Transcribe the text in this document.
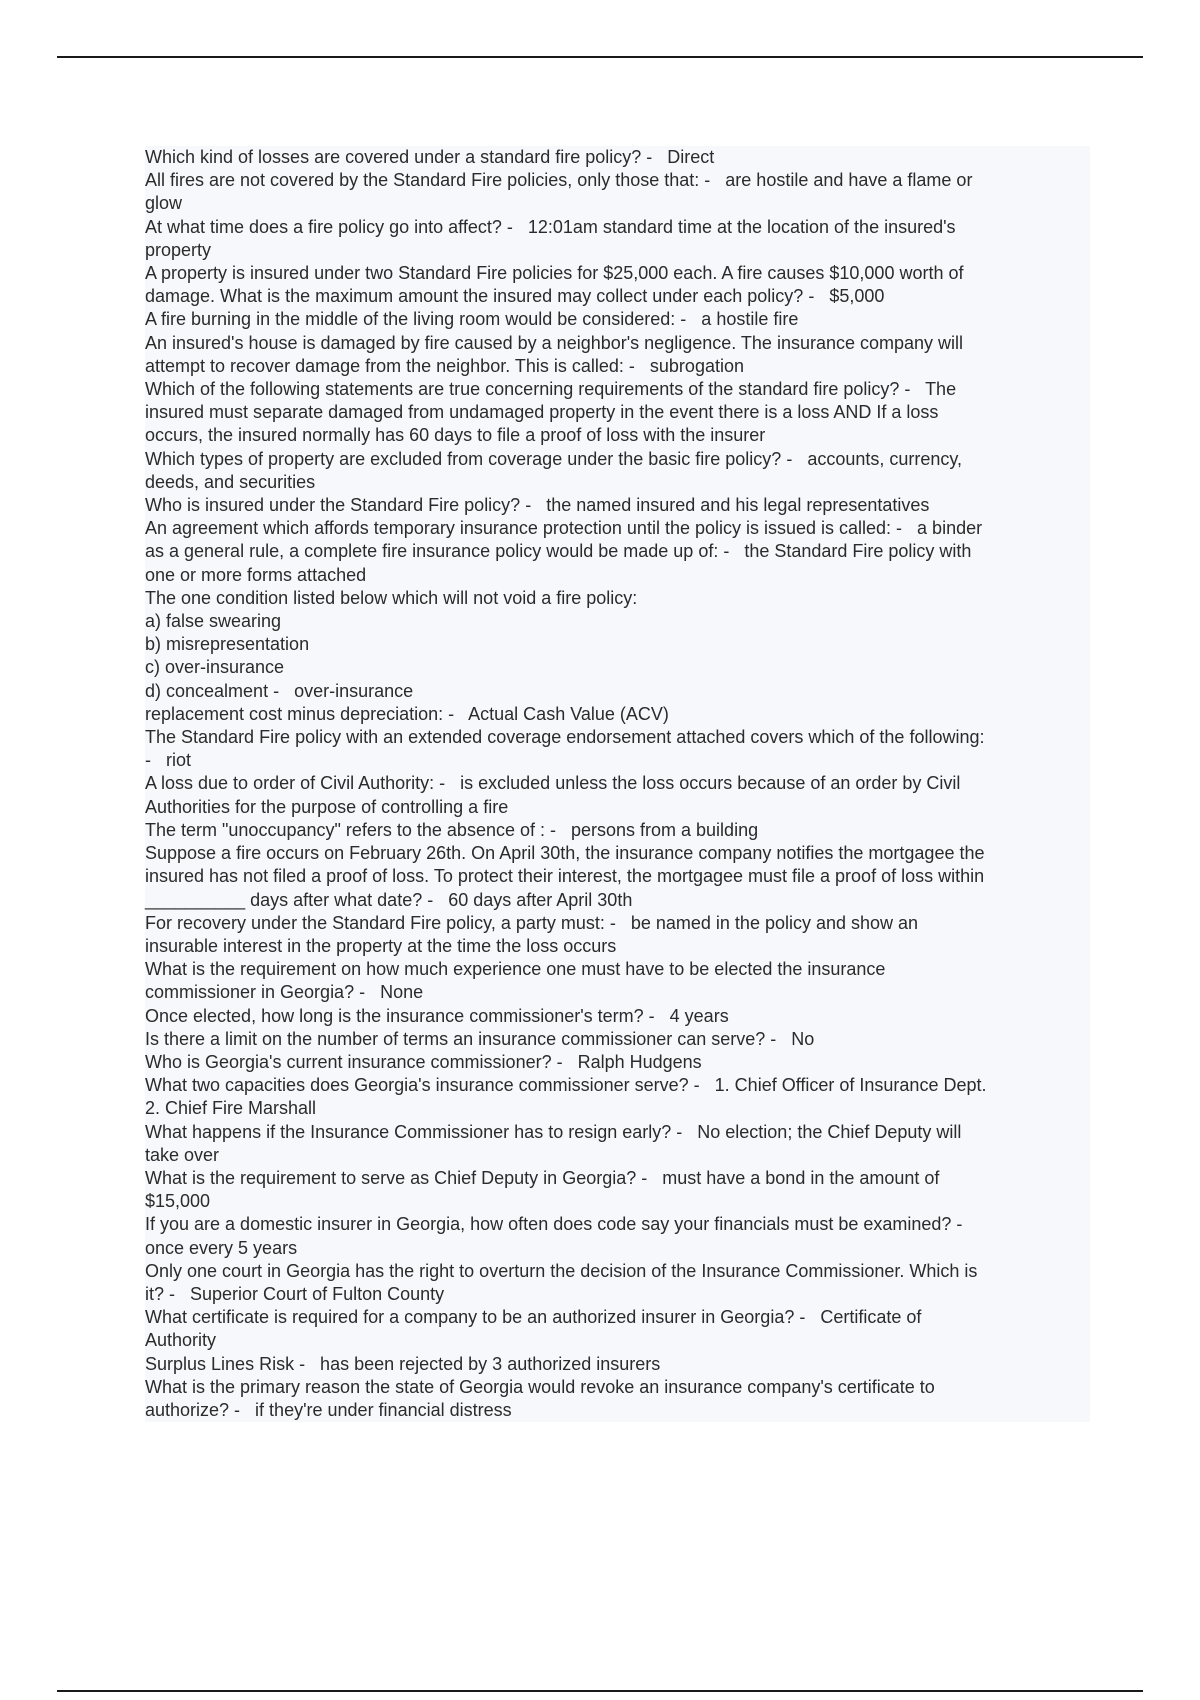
Which kind of losses are covered under a standard fire policy? -   Direct
All fires are not covered by the Standard Fire policies, only those that: -   are hostile and have a flame or
glow
At what time does a fire policy go into affect? -   12:01am standard time at the location of the insured's
property
A property is insured under two Standard Fire policies for $25,000 each. A fire causes $10,000 worth of
damage. What is the maximum amount the insured may collect under each policy? -   $5,000
A fire burning in the middle of the living room would be considered: -   a hostile fire
An insured's house is damaged by fire caused by a neighbor's negligence. The insurance company will
attempt to recover damage from the neighbor. This is called: -   subrogation
Which of the following statements are true concerning requirements of the standard fire policy? -   The
insured must separate damaged from undamaged property in the event there is a loss AND If a loss
occurs, the insured normally has 60 days to file a proof of loss with the insurer
Which types of property are excluded from coverage under the basic fire policy? -   accounts, currency,
deeds, and securities
Who is insured under the Standard Fire policy? -   the named insured and his legal representatives
An agreement which affords temporary insurance protection until the policy is issued is called: -   a binder
as a general rule, a complete fire insurance policy would be made up of: -   the Standard Fire policy with
one or more forms attached
The one condition listed below which will not void a fire policy:
a) false swearing
b) misrepresentation
c) over-insurance
d) concealment -   over-insurance
replacement cost minus depreciation: -   Actual Cash Value (ACV)
The Standard Fire policy with an extended coverage endorsement attached covers which of the following:
-   riot
A loss due to order of Civil Authority: -   is excluded unless the loss occurs because of an order by Civil
Authorities for the purpose of controlling a fire
The term "unoccupancy" refers to the absence of : -   persons from a building
Suppose a fire occurs on February 26th. On April 30th, the insurance company notifies the mortgagee the
insured has not filed a proof of loss. To protect their interest, the mortgagee must file a proof of loss within
__________ days after what date? -   60 days after April 30th
For recovery under the Standard Fire policy, a party must: -   be named in the policy and show an
insurable interest in the property at the time the loss occurs
What is the requirement on how much experience one must have to be elected the insurance
commissioner in Georgia? -   None
Once elected, how long is the insurance commissioner's term? -   4 years
Is there a limit on the number of terms an insurance commissioner can serve? -   No
Who is Georgia's current insurance commissioner? -   Ralph Hudgens
What two capacities does Georgia's insurance commissioner serve? -   1. Chief Officer of Insurance Dept.
2. Chief Fire Marshall
What happens if the Insurance Commissioner has to resign early? -   No election; the Chief Deputy will
take over
What is the requirement to serve as Chief Deputy in Georgia? -   must have a bond in the amount of
$15,000
If you are a domestic insurer in Georgia, how often does code say your financials must be examined? -
once every 5 years
Only one court in Georgia has the right to overturn the decision of the Insurance Commissioner. Which is
it? -   Superior Court of Fulton County
What certificate is required for a company to be an authorized insurer in Georgia? -   Certificate of
Authority
Surplus Lines Risk -   has been rejected by 3 authorized insurers
What is the primary reason the state of Georgia would revoke an insurance company's certificate to
authorize? -   if they're under financial distress
